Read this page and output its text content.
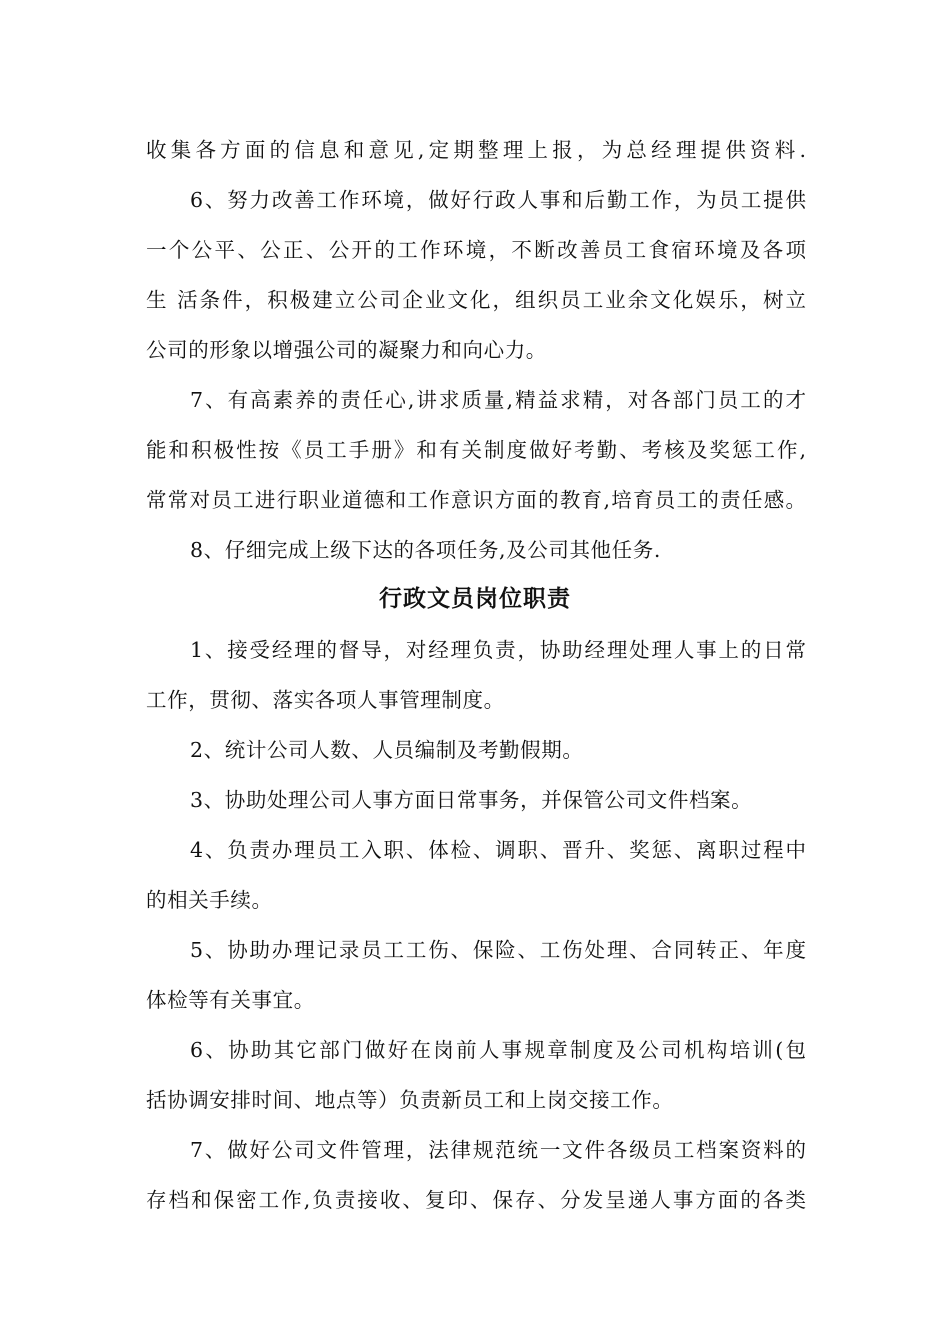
收集各方面的信息和意见,定期整理上报，为总经理提供资料.
6、努力改善工作环境，做好行政人事和后勤工作，为员工提供
一个公平、公正、公开的工作环境，不断改善员工食宿环境及各项
生 活条件，积极建立公司企业文化，组织员工业余文化娱乐，树立
公司的形象以增强公司的凝聚力和向心力。
7、有高素养的责任心,讲求质量,精益求精，对各部门员工的才
能和积极性按《员工手册》和有关制度做好考勤、考核及奖惩工作,
常常对员工进行职业道德和工作意识方面的教育,培育员工的责任感。
8、仔细完成上级下达的各项任务,及公司其他任务.
行政文员岗位职责
1、接受经理的督导，对经理负责，协助经理处理人事上的日常
工作，贯彻、落实各项人事管理制度。
2、统计公司人数、人员编制及考勤假期。
3、协助处理公司人事方面日常事务，并保管公司文件档案。
4、负责办理员工入职、体检、调职、晋升、奖惩、离职过程中
的相关手续。
5、协助办理记录员工工伤、保险、工伤处理、合同转正、年度
体检等有关事宜。
6、协助其它部门做好在岗前人事规章制度及公司机构培训(包
括协调安排时间、地点等）负责新员工和上岗交接工作。
7、做好公司文件管理，法律规范统一文件各级员工档案资料的
存档和保密工作,负责接收、复印、保存、分发呈递人事方面的各类
